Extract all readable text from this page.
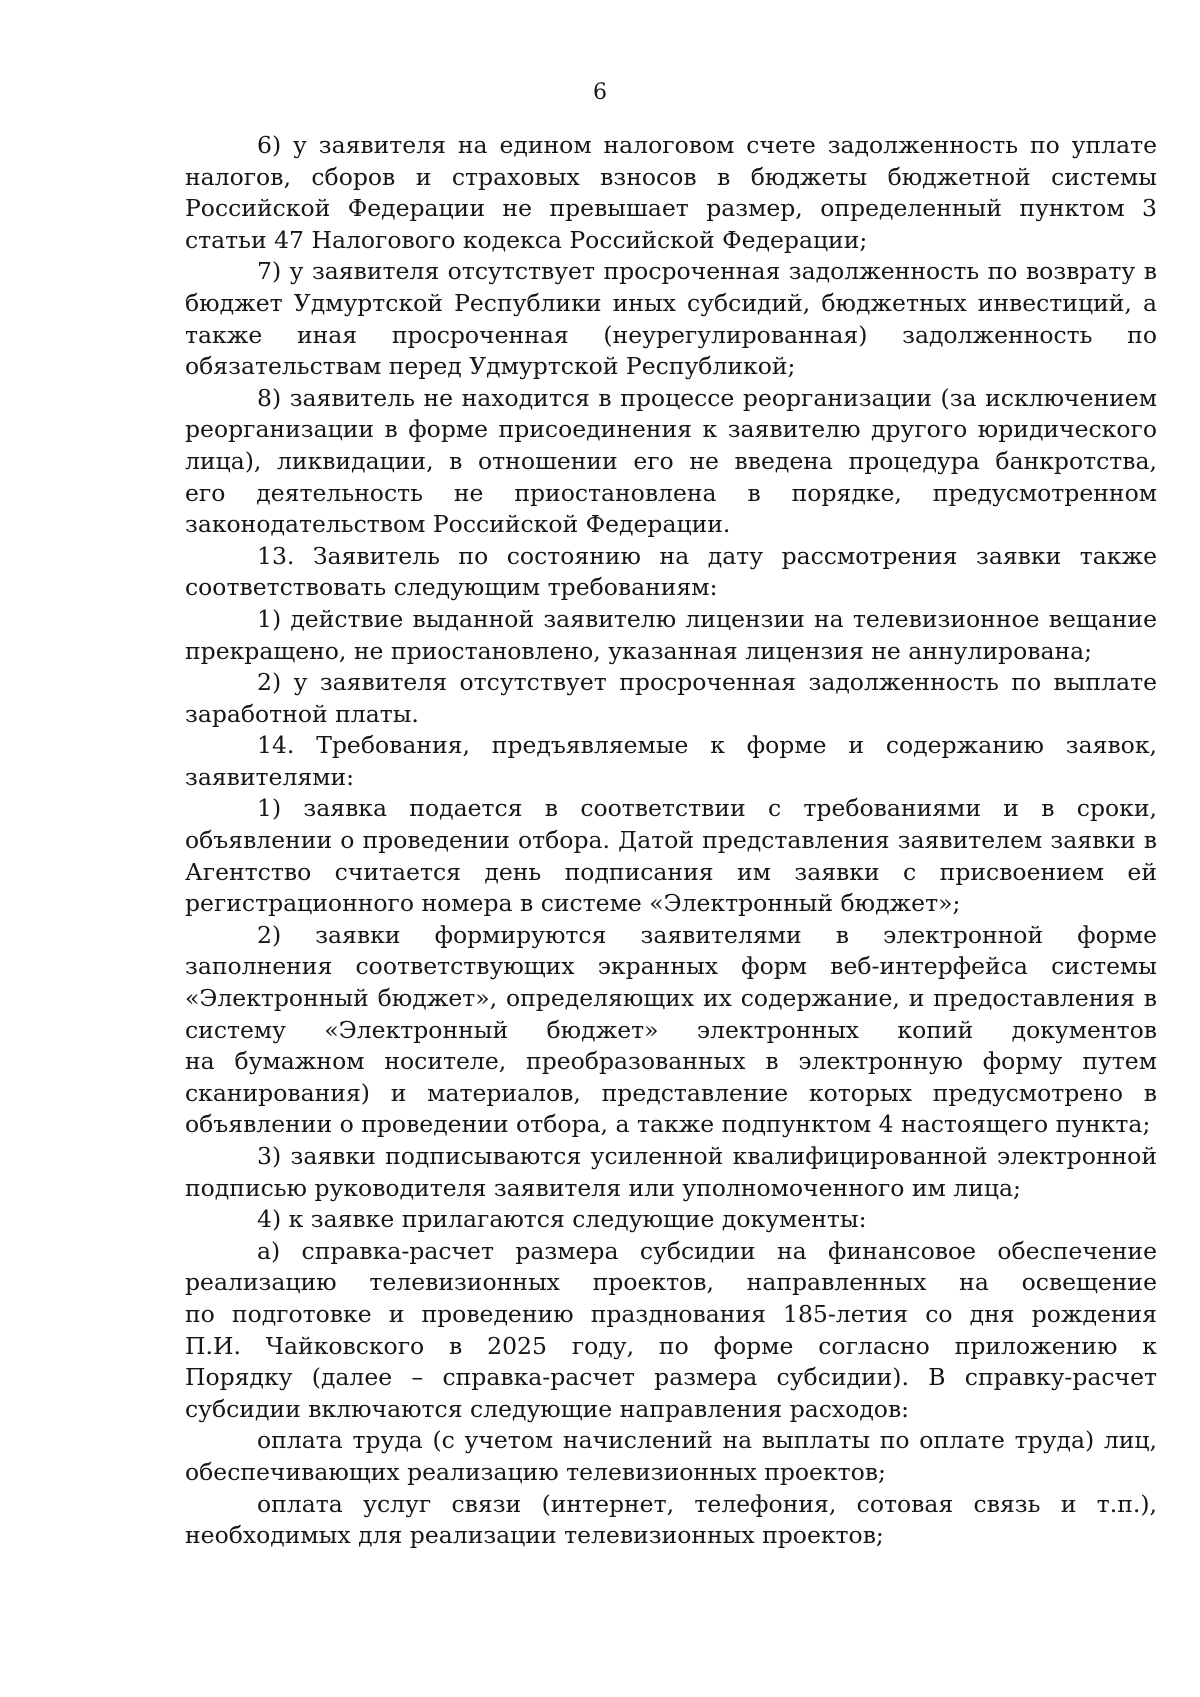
6

6) у заявителя на едином налоговом счете задолженность по уплате
налогов, сборов и страховых взносов в бюджеты бюджетной системы
Российской Федерации не превышает размер, определенный пунктом 3
статьи 47 Налогового кодекса Российской Федерации;

7) у заявителя отсутствует просроченная задолженность по возврату в
бюджет Удмуртской Республики иных субсидий, бюджетных инвестиций, а
также иная просроченная (неурегулированная) задолженность по
обязательствам перед Удмуртской Республикой;

8) заявитель не находится в процессе реорганизации (за исключением
реорганизации в форме присоединения к заявителю другого юридического
лица), ликвидации, в отношении его не введена процедура банкротства,
его деятельность не приостановлена в порядке, предусмотренном
законодательством Российской Федерации.

13. Заявитель по состоянию на дату рассмотрения заявки также
соответствовать следующим требованиям:

1) действие выданной заявителю лицензии на телевизионное вещание
прекращено, не приостановлено, указанная лицензия не аннулирована;

2) у заявителя отсутствует просроченная задолженность по выплате
заработной платы.

14. Требования, предъявляемые к форме и содержанию заявок,
заявителями:

1) заявка подается в соответствии с требованиями и в сроки,
объявлении о проведении отбора. Датой представления заявителем заявки в
Агентство считается день подписания им заявки с присвоением ей
регистрационного номера в системе «Электронный бюджет»;

2) заявки формируются заявителями в электронной форме
заполнения соответствующих экранных форм веб-интерфейса системы
«Электронный бюджет», определяющих их содержание, и предоставления в
систему «Электронный бюджет» электронных копий документов
на бумажном носителе, преобразованных в электронную форму путем
сканирования) и материалов, представление которых предусмотрено в
объявлении о проведении отбора, а также подпунктом 4 настоящего пункта;

3) заявки подписываются усиленной квалифицированной электронной
подписью руководителя заявителя или уполномоченного им лица;

4) к заявке прилагаются следующие документы:

а) справка-расчет размера субсидии на финансовое обеспечение
реализацию телевизионных проектов, направленных на освещение
по подготовке и проведению празднования 185-летия со дня рождения
П.И. Чайковского в 2025 году, по форме согласно приложению к
Порядку (далее – справка-расчет размера субсидии). В справку-расчет
субсидии включаются следующие направления расходов:

оплата труда (с учетом начислений на выплаты по оплате труда) лиц,
обеспечивающих реализацию телевизионных проектов;

оплата услуг связи (интернет, телефония, сотовая связь и т.п.),
необходимых для реализации телевизионных проектов;
